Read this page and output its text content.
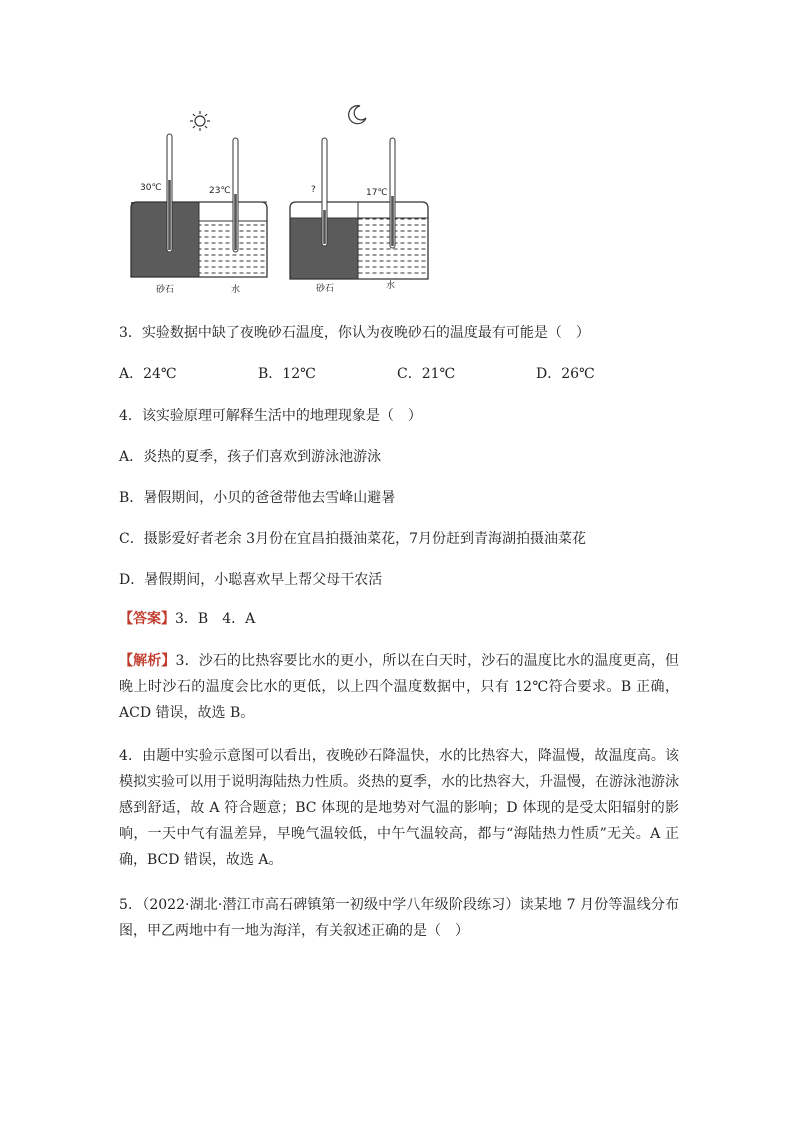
30℃	23℃
砂石	水
?	17℃
砂石	水
3．实验数据中缺了夜晚砂石温度，你认为夜晚砂石的温度最有可能是（　）
A．24℃	B．12℃	C．21℃	D．26℃
4．该实验原理可解释生活中的地理现象是（　）
A．炎热的夏季，孩子们喜欢到游泳池游泳
B．暑假期间，小贝的爸爸带他去雪峰山避暑
C．摄影爱好者老余 3月份在宜昌拍摄油菜花，7月份赶到青海湖拍摄油菜花
D．暑假期间，小聪喜欢早上帮父母干农活
【答案】3．B　4．A
【解析】3．沙石的比热容要比水的更小，所以在白天时，沙石的温度比水的温度更高，但晚上时沙石的温度会比水的更低，以上四个温度数据中，只有 12℃符合要求。B 正确，ACD 错误，故选 B。
4．由题中实验示意图可以看出，夜晚砂石降温快，水的比热容大，降温慢，故温度高。该模拟实验可以用于说明海陆热力性质。炎热的夏季，水的比热容大，升温慢，在游泳池游泳感到舒适，故 A 符合题意；BC 体现的是地势对气温的影响；D 体现的是受太阳辐射的影响，一天中气有温差异，早晚气温较低，中午气温较高，都与“海陆热力性质”无关。A 正确，BCD 错误，故选 A。
5．（2022·湖北·潜江市高石碑镇第一初级中学八年级阶段练习）读某地 7 月份等温线分布图，甲乙两地中有一地为海洋，有关叙述正确的是（　）
